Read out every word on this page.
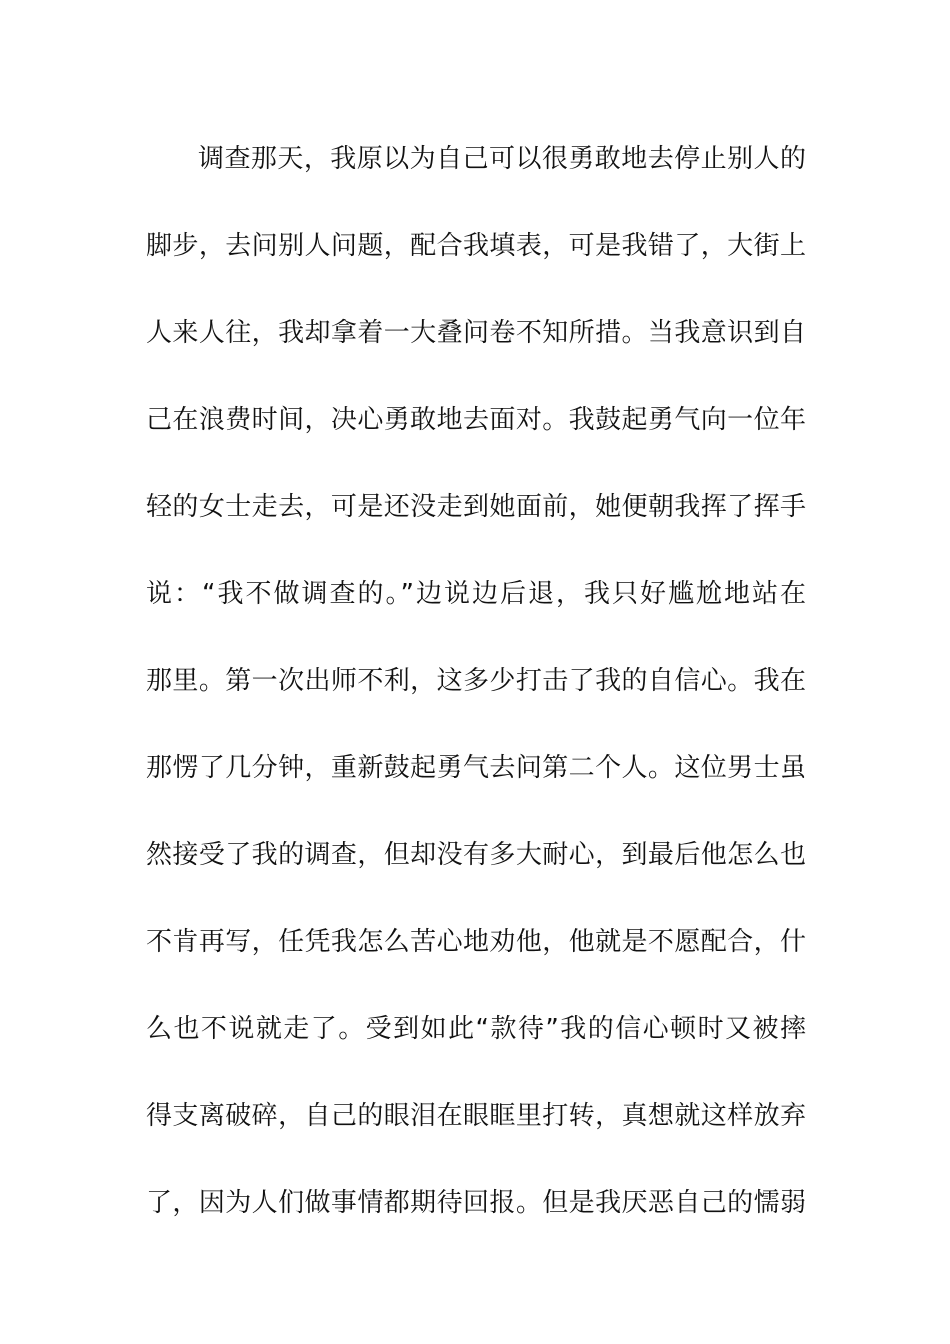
调查那天，我原以为自己可以很勇敢地去停止别人的
脚步，去问别人问题，配合我填表，可是我错了，大街上
人来人往，我却拿着一大叠问卷不知所措。当我意识到自
己在浪费时间，决心勇敢地去面对。我鼓起勇气向一位年
轻的女士走去，可是还没走到她面前，她便朝我挥了挥手
说：“我不做调查的。”边说边后退，我只好尴尬地站在
那里。第一次出师不利，这多少打击了我的自信心。我在
那愣了几分钟，重新鼓起勇气去问第二个人。这位男士虽
然接受了我的调查，但却没有多大耐心，到最后他怎么也
不肯再写，任凭我怎么苦心地劝他，他就是不愿配合，什
么也不说就走了。受到如此“款待”我的信心顿时又被摔
得支离破碎，自己的眼泪在眼眶里打转，真想就这样放弃
了，因为人们做事情都期待回报。但是我厌恶自己的懦弱
